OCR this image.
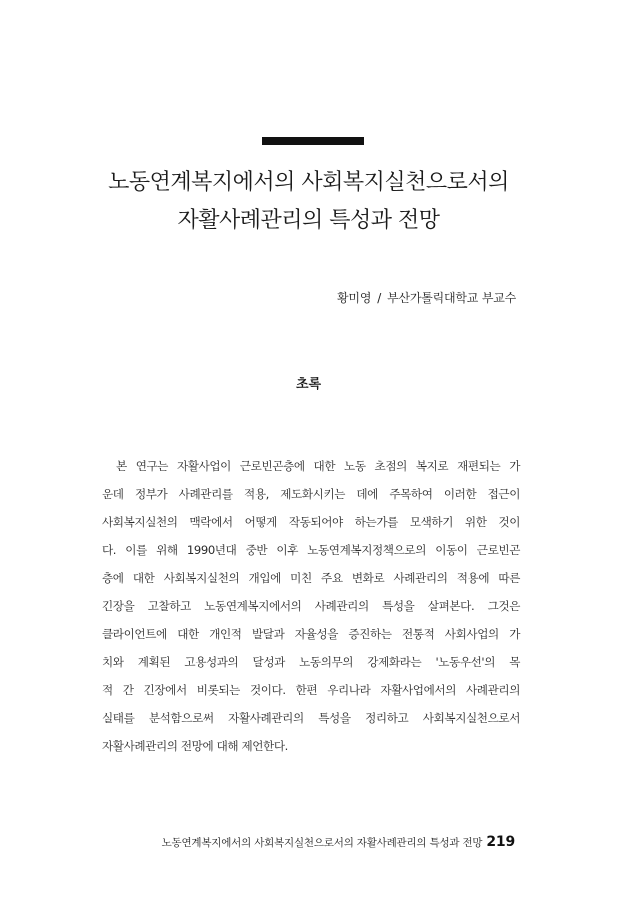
노동연계복지에서의 사회복지실천으로서의
자활사례관리의 특성과 전망
황미영 / 부산가톨릭대학교 부교수
초록
본 연구는 자활사업이 근로빈곤층에 대한 노동 초점의 복지로 재편되는 가
운데 정부가 사례관리를 적용, 제도화시키는 데에 주목하여 이러한 접근이
사회복지실천의 맥락에서 어떻게 작동되어야 하는가를 모색하기 위한 것이
다. 이를 위해 1990년대 중반 이후 노동연계복지정책으로의 이동이 근로빈곤
층에 대한 사회복지실천의 개입에 미친 주요 변화로 사례관리의 적용에 따른
긴장을 고찰하고 노동연계복지에서의 사례관리의 특성을 살펴본다. 그것은
클라이언트에 대한 개인적 발달과 자율성을 증진하는 전통적 사회사업의 가
치와 계획된 고용성과의 달성과 노동의무의 강제화라는 '노동우선'의 목
적 간 긴장에서 비롯되는 것이다. 한편 우리나라 자활사업에서의 사례관리의
실태를 분석함으로써 자활사례관리의 특성을 정리하고 사회복지실천으로서
자활사례관리의 전망에 대해 제언한다.
노동연계복지에서의 사회복지실천으로서의 자활사례관리의 특성과 전망 219
